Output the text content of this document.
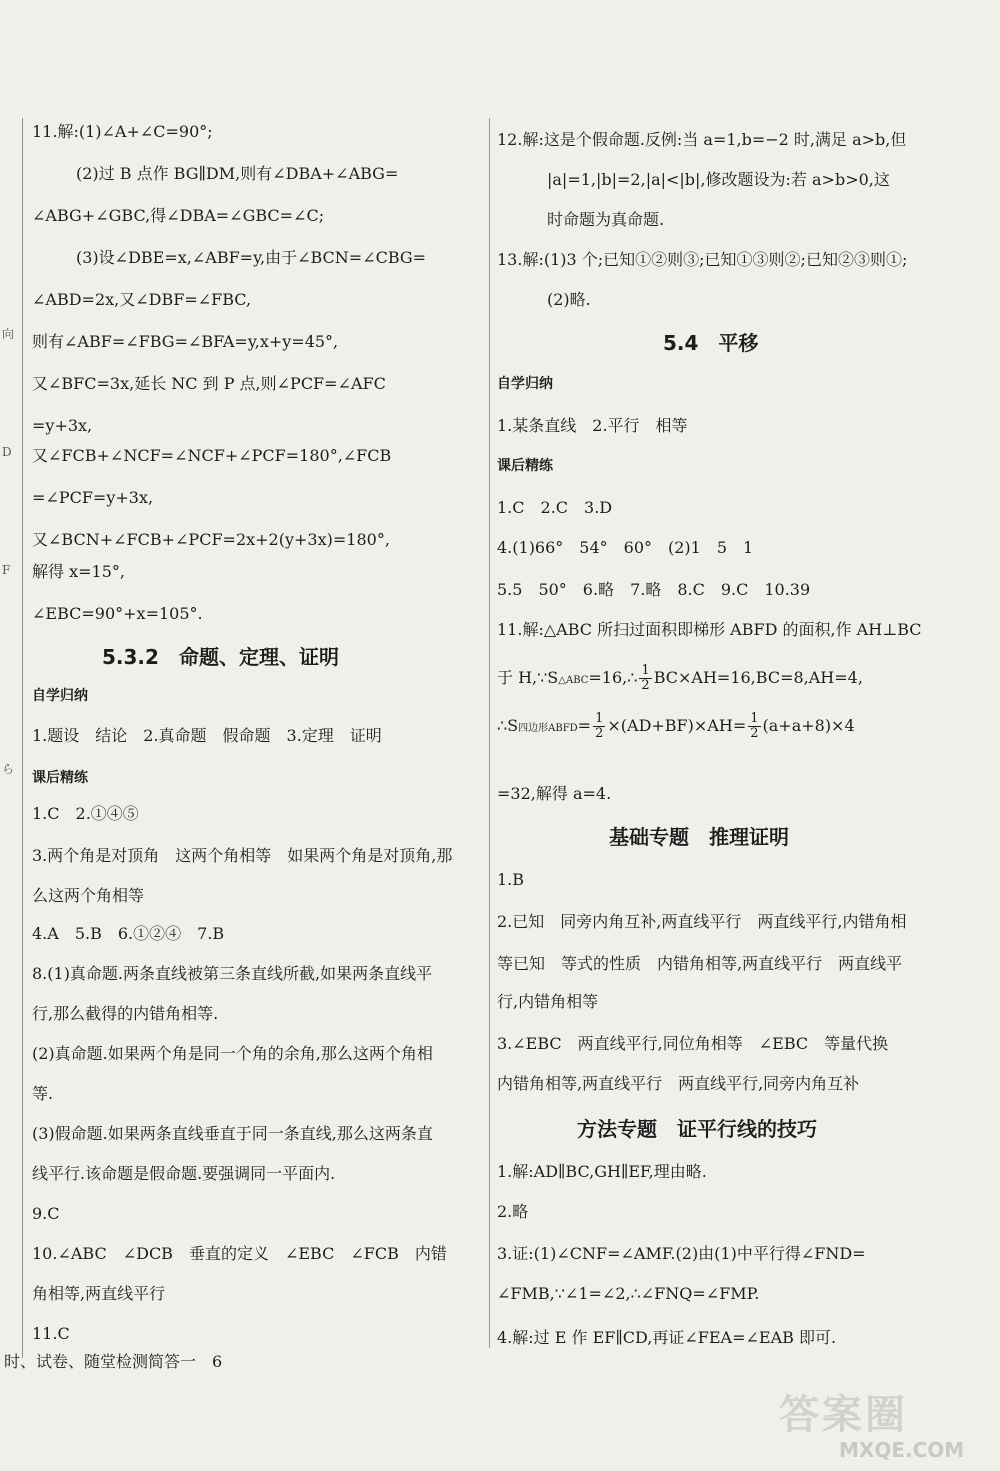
向
D
F
ら
11.解:(1)∠A+∠C=90°;
(2)过 B 点作 BG∥DM,则有∠DBA+∠ABG=
∠ABG+∠GBC,得∠DBA=∠GBC=∠C;
(3)设∠DBE=x,∠ABF=y,由于∠BCN=∠CBG=
∠ABD=2x,又∠DBF=∠FBC,
则有∠ABF=∠FBG=∠BFA=y,x+y=45°,
又∠BFC=3x,延长 NC 到 P 点,则∠PCF=∠AFC
=y+3x,
又∠FCB+∠NCF=∠NCF+∠PCF=180°,∠FCB
=∠PCF=y+3x,
又∠BCN+∠FCB+∠PCF=2x+2(y+3x)=180°,
解得 x=15°,
∠EBC=90°+x=105°.
5.3.2　命题、定理、证明
自学归纳
1.题设　结论　2.真命题　假命题　3.定理　证明
课后精练
1.C　2.①④⑤
3.两个角是对顶角　这两个角相等　如果两个角是对顶角,那
么这两个角相等
4.A　5.B　6.①②④　7.B
8.(1)真命题.两条直线被第三条直线所截,如果两条直线平
行,那么截得的内错角相等.
(2)真命题.如果两个角是同一个角的余角,那么这两个角相
等.
(3)假命题.如果两条直线垂直于同一条直线,那么这两条直
线平行.该命题是假命题.要强调同一平面内.
9.C
10.∠ABC　∠DCB　垂直的定义　∠EBC　∠FCB　内错
角相等,两直线平行
11.C
12.解:这是个假命题.反例:当 a=1,b=−2 时,满足 a>b,但
|a|=1,|b|=2,|a|<|b|,修改题设为:若 a>b>0,这
时命题为真命题.
13.解:(1)3 个;已知①②则③;已知①③则②;已知②③则①;
(2)略.
5.4　平移
自学归纳
1.某条直线　2.平行　相等
课后精练
1.C　2.C　3.D
4.(1)66°　54°　60°　(2)1　5　1
5.5　50°　6.略　7.略　8.C　9.C　10.39
11.解:△ABC 所扫过面积即梯形 ABFD 的面积,作 AH⊥BC
于 H,∵S△ABC=16,∴ $\frac{1}{2} BC\times AH=16,BC=8,AH=4$,
∴S四边形ABFD= $\frac{1}{2} \times(AD+BF)\times AH= \frac{1}{2} (a+a+8)\times 4$
=32,解得 a=4.
基础专题　推理证明
1.B
2.已知　同旁内角互补,两直线平行　两直线平行,内错角相
等已知　等式的性质　内错角相等,两直线平行　两直线平
行,内错角相等
3.∠EBC　两直线平行,同位角相等　∠EBC　等量代换
内错角相等,两直线平行　两直线平行,同旁内角互补
方法专题　证平行线的技巧
1.解:AD∥BC,GH∥EF,理由略.
2.略
3.证:(1)∠CNF=∠AMF.(2)由(1)中平行得∠FND=
∠FMB,∵∠1=∠2,∴∠FNQ=∠FMP.
4.解:过 E 作 EF∥CD,再证∠FEA=∠EAB 即可.
时、试卷、随堂检测简答一　6
答案圈
MXQE.COM
